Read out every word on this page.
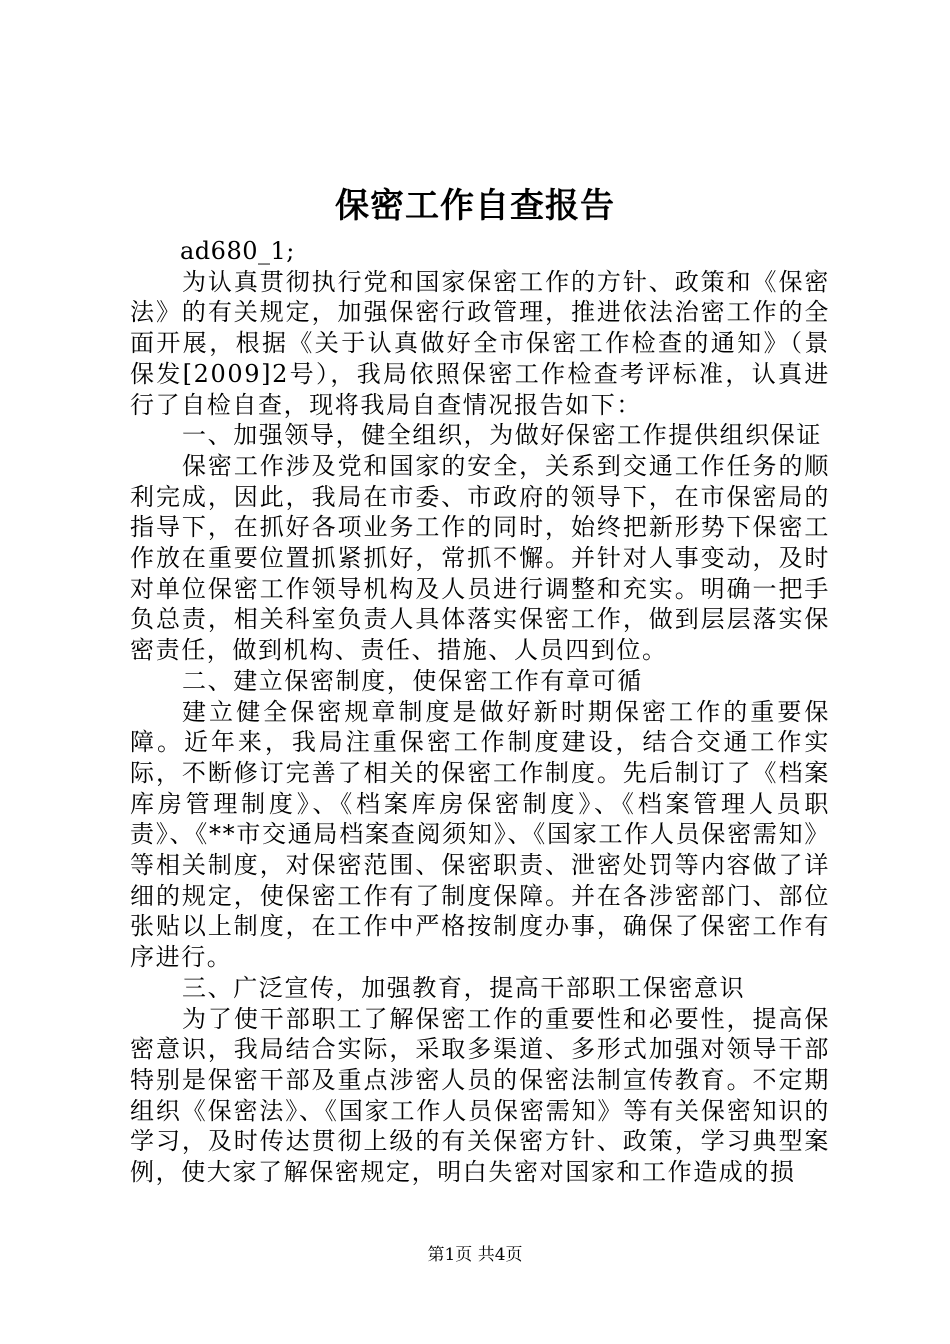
保密工作自查报告

ad680_1;

为认真贯彻执行党和国家保密工作的方针、政策和《保密法》的有关规定，加强保密行政管理，推进依法治密工作的全面开展，根据《关于认真做好全市保密工作检查的通知》（景保发[2009]2号），我局依照保密工作检查考评标准，认真进行了自检自查，现将我局自查情况报告如下：

一、加强领导，健全组织，为做好保密工作提供组织保证

保密工作涉及党和国家的安全，关系到交通工作任务的顺利完成，因此，我局在市委、市政府的领导下，在市保密局的指导下，在抓好各项业务工作的同时，始终把新形势下保密工作放在重要位置抓紧抓好，常抓不懈。并针对人事变动，及时对单位保密工作领导机构及人员进行调整和充实。明确一把手负总责，相关科室负责人具体落实保密工作，做到层层落实保密责任，做到机构、责任、措施、人员四到位。

二、建立保密制度，使保密工作有章可循

建立健全保密规章制度是做好新时期保密工作的重要保障。近年来，我局注重保密工作制度建设，结合交通工作实际，不断修订完善了相关的保密工作制度。先后制订了《档案库房管理制度》、《档案库房保密制度》、《档案管理人员职责》、《**市交通局档案查阅须知》、《国家工作人员保密需知》等相关制度，对保密范围、保密职责、泄密处罚等内容做了详细的规定，使保密工作有了制度保障。并在各涉密部门、部位张贴以上制度，在工作中严格按制度办事，确保了保密工作有序进行。

三、广泛宣传，加强教育，提高干部职工保密意识

为了使干部职工了解保密工作的重要性和必要性，提高保密意识，我局结合实际，采取多渠道、多形式加强对领导干部特别是保密干部及重点涉密人员的保密法制宣传教育。不定期组织《保密法》、《国家工作人员保密需知》等有关保密知识的学习，及时传达贯彻上级的有关保密方针、政策，学习典型案例，使大家了解保密规定，明白失密对国家和工作造成的损

第1页 共4页
